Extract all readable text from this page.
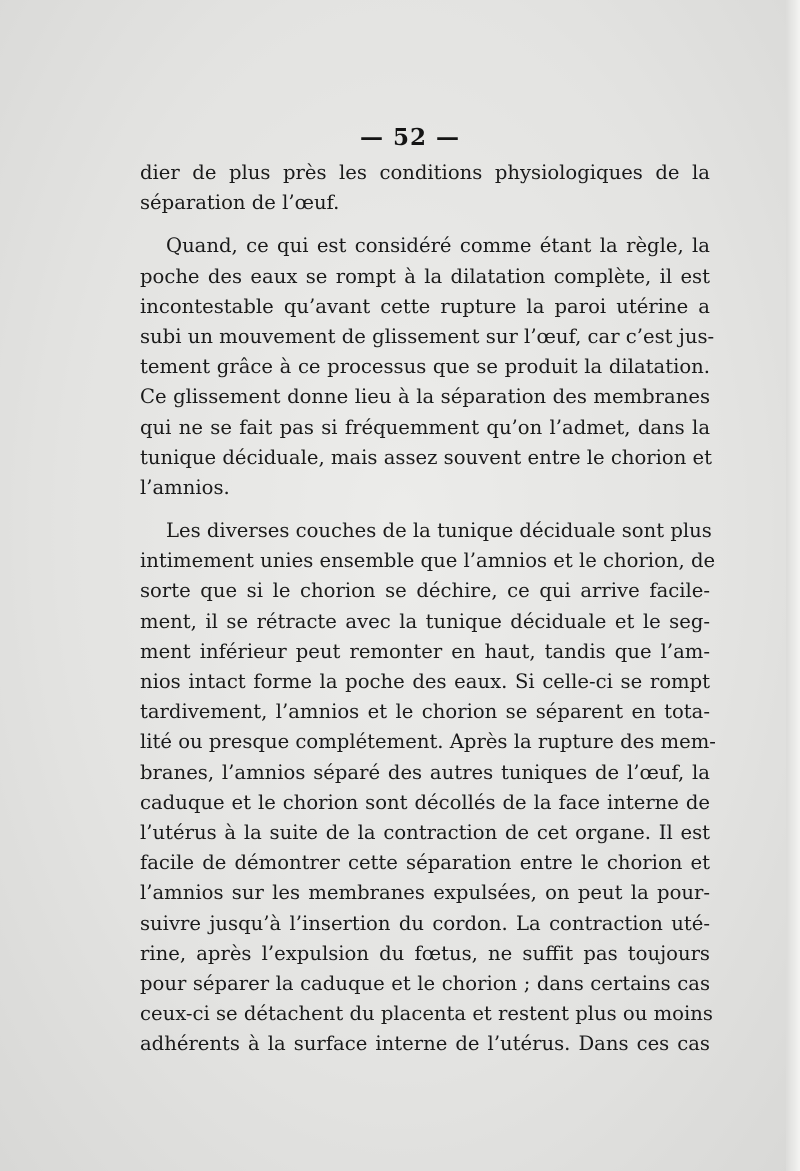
— 52 —
dier de plus près les conditions physiologiques de la
séparation de l’œuf.
Quand, ce qui est considéré comme étant la règle, la
poche des eaux se rompt à la dilatation complète, il est
incontestable qu’avant cette rupture la paroi utérine a
subi un mouvement de glissement sur l’œuf, car c’est jus-
tement grâce à ce processus que se produit la dilatation.
Ce glissement donne lieu à la séparation des membranes
qui ne se fait pas si fréquemment qu’on l’admet, dans la
tunique déciduale, mais assez souvent entre le chorion et
l’amnios.
Les diverses couches de la tunique déciduale sont plus
intimement unies ensemble que l’amnios et le chorion, de
sorte que si le chorion se déchire, ce qui arrive facile-
ment, il se rétracte avec la tunique déciduale et le seg-
ment inférieur peut remonter en haut, tandis que l’am-
nios intact forme la poche des eaux. Si celle-ci se rompt
tardivement, l’amnios et le chorion se séparent en tota-
lité ou presque complétement. Après la rupture des mem-
branes, l’amnios séparé des autres tuniques de l’œuf, la
caduque et le chorion sont décollés de la face interne de
l’utérus à la suite de la contraction de cet organe. Il est
facile de démontrer cette séparation entre le chorion et
l’amnios sur les membranes expulsées, on peut la pour-
suivre jusqu’à l’insertion du cordon. La contraction uté-
rine, après l’expulsion du fœtus, ne suffit pas toujours
pour séparer la caduque et le chorion ; dans certains cas
ceux-ci se détachent du placenta et restent plus ou moins
adhérents à la surface interne de l’utérus. Dans ces cas
